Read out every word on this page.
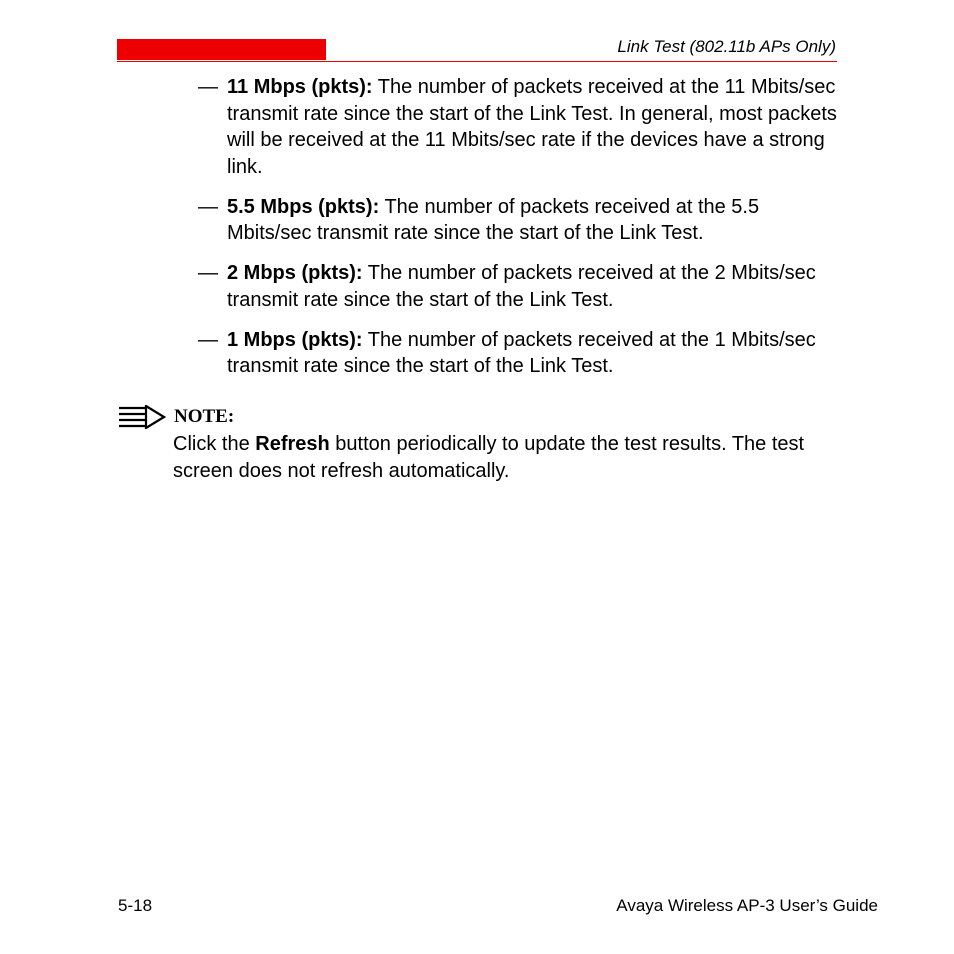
Link Test (802.11b APs Only)
— 11 Mbps (pkts): The number of packets received at the 11 Mbits/sec transmit rate since the start of the Link Test. In general, most packets will be received at the 11 Mbits/sec rate if the devices have a strong link.
— 5.5 Mbps (pkts): The number of packets received at the 5.5 Mbits/sec transmit rate since the start of the Link Test.
— 2 Mbps (pkts): The number of packets received at the 2 Mbits/sec transmit rate since the start of the Link Test.
— 1 Mbps (pkts): The number of packets received at the 1 Mbits/sec transmit rate since the start of the Link Test.
NOTE:
Click the Refresh button periodically to update the test results. The test screen does not refresh automatically.
5-18	Avaya Wireless AP-3 User’s Guide
